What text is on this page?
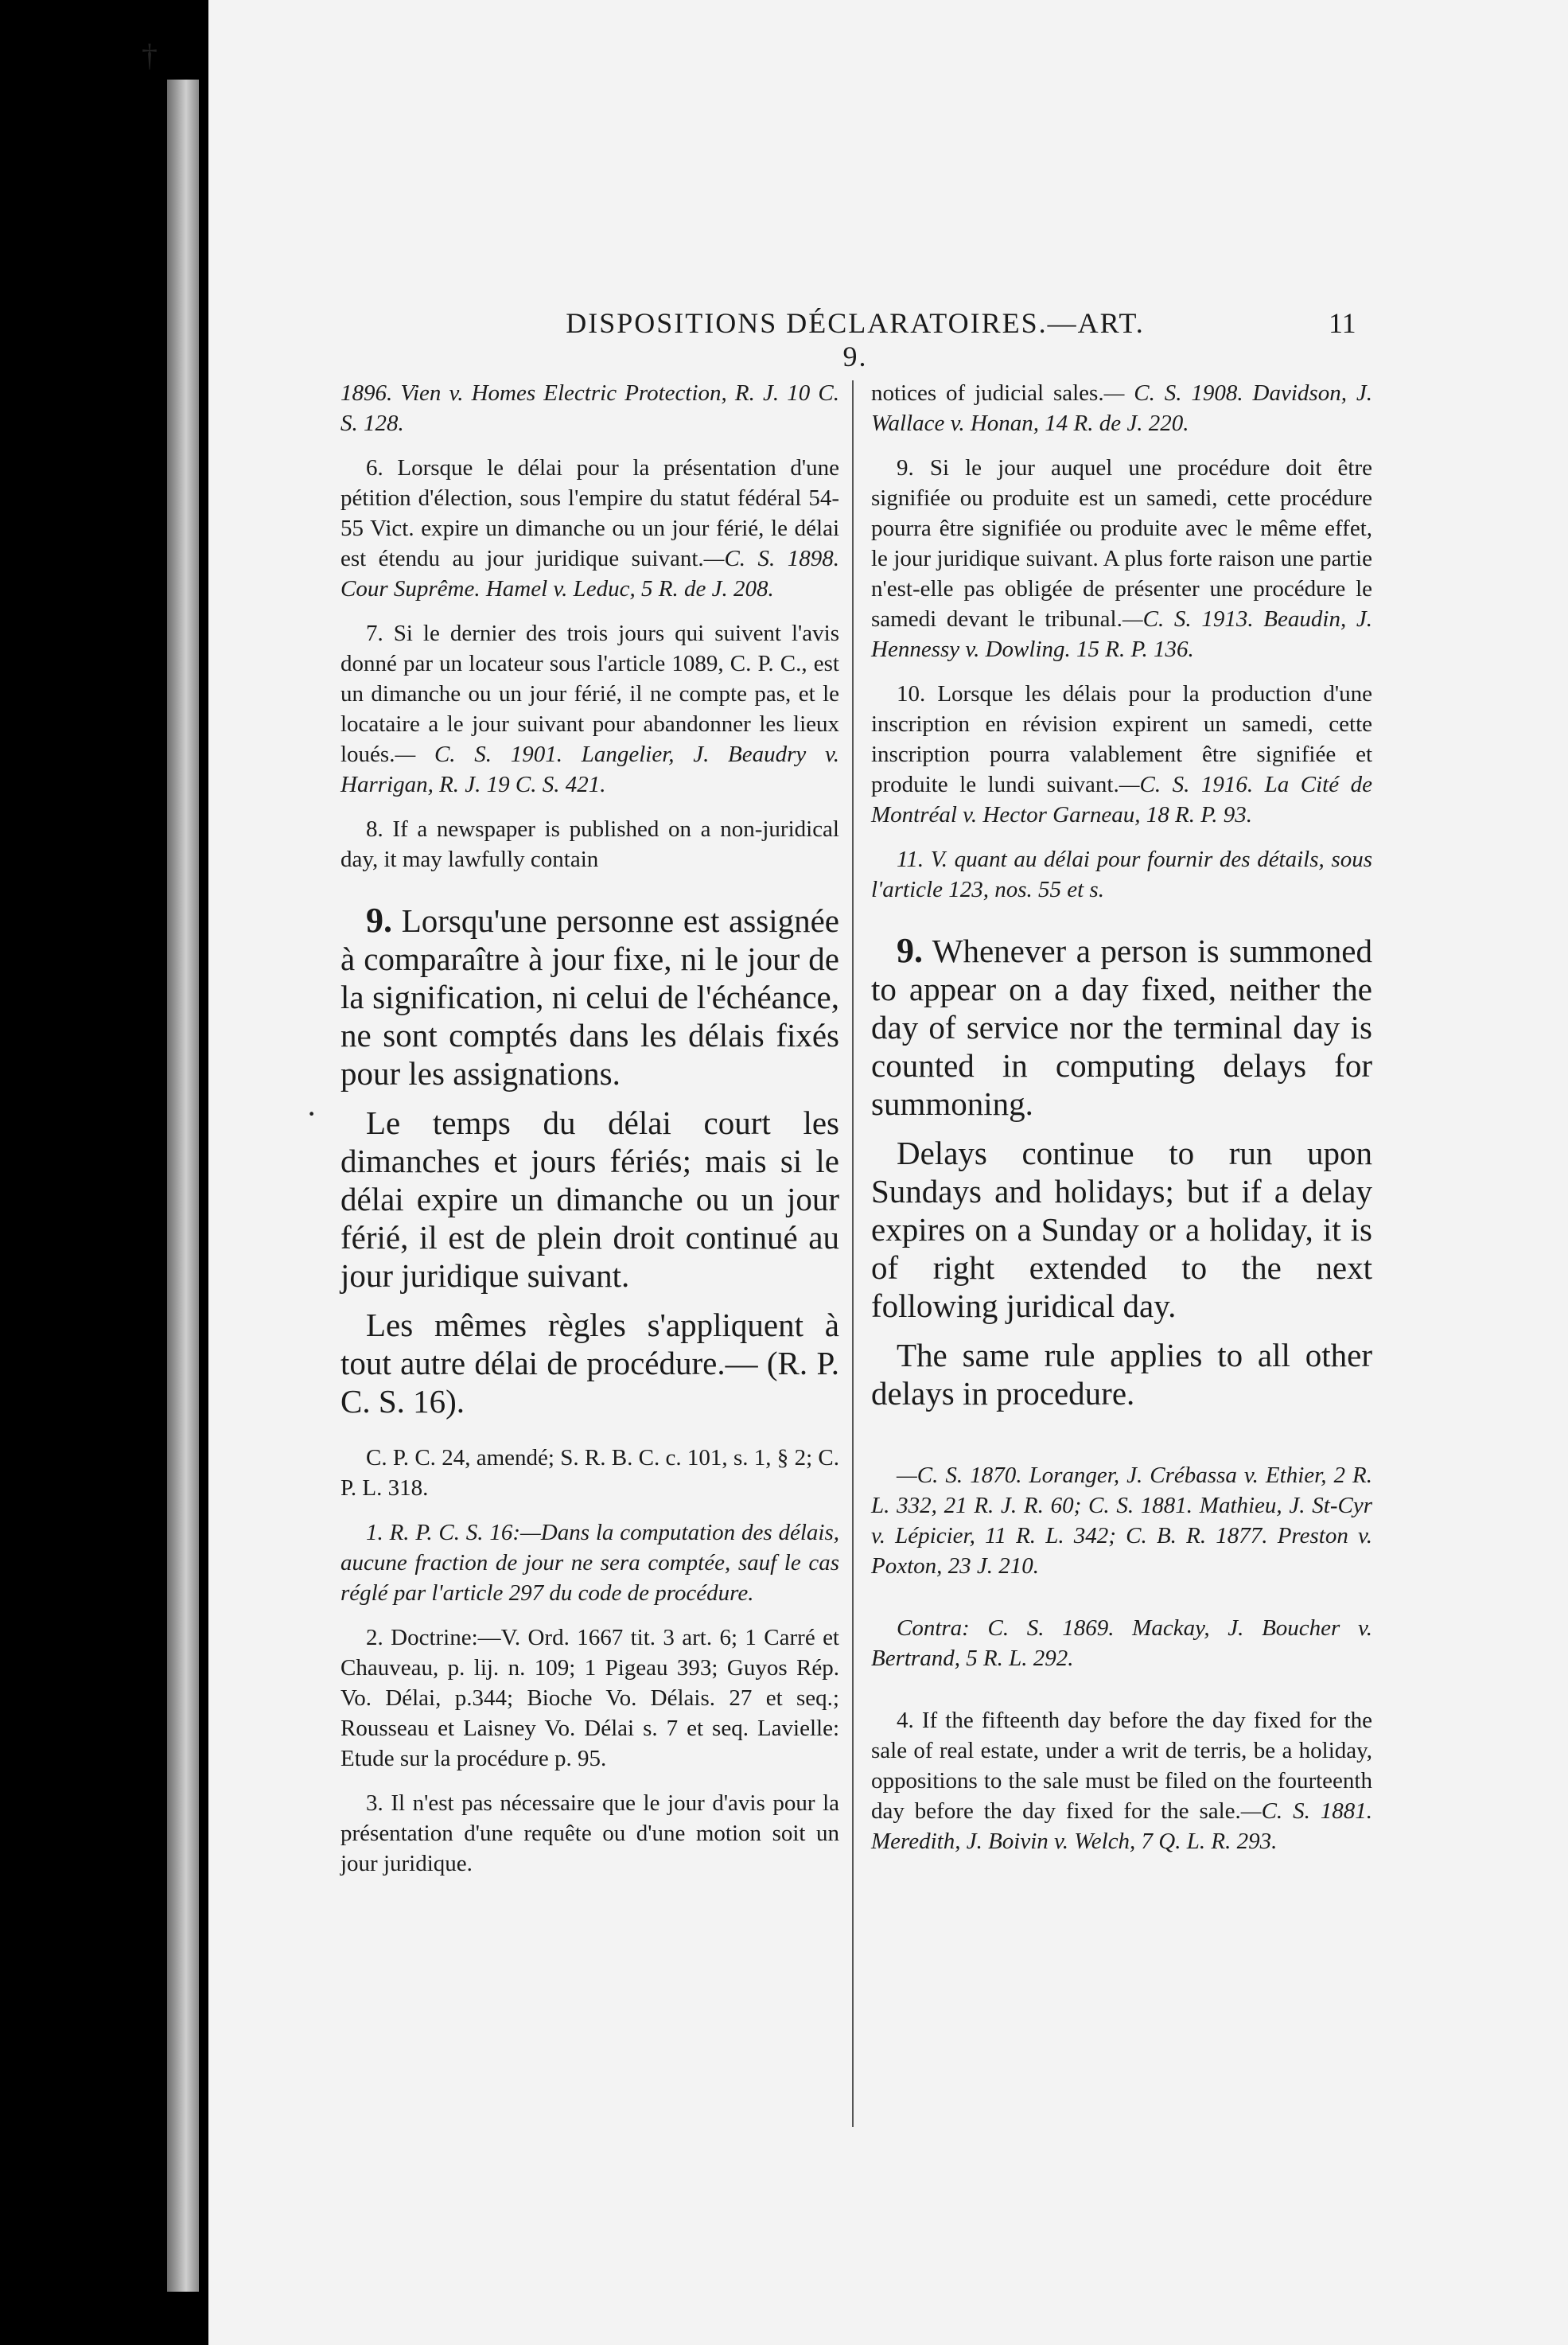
†
DISPOSITIONS DÉCLARATOIRES.—ART. 9.
11
·

1896. Vien v. Homes Electric Protection, R. J. 10 C. S. 128.

6. Lorsque le délai pour la présentation d'une pétition d'élection, sous l'empire du statut fédéral 54-55 Vict. expire un dimanche ou un jour férié, le délai est étendu au jour juridique suivant.—C. S. 1898. Cour Suprême. Hamel v. Leduc, 5 R. de J. 208.

7. Si le dernier des trois jours qui suivent l'avis donné par un locateur sous l'article 1089, C. P. C., est un dimanche ou un jour férié, il ne compte pas, et le locataire a le jour suivant pour abandonner les lieux loués.— C. S. 1901. Langelier, J. Beaudry v. Harrigan, R. J. 19 C. S. 421.

8. If a newspaper is published on a non-juridical day, it may lawfully contain

9. Lorsqu'une personne est assignée à comparaître à jour fixe, ni le jour de la signification, ni celui de l'échéance, ne sont comptés dans les délais fixés pour les assignations.

Le temps du délai court les dimanches et jours fériés; mais si le délai expire un dimanche ou un jour férié, il est de plein droit continué au jour juridique suivant.

Les mêmes règles s'appliquent à tout autre délai de procédure.— (R. P. C. S. 16).

C. P. C. 24, amendé; S. R. B. C. c. 101, s. 1, § 2; C. P. L. 318.

1. R. P. C. S. 16:—Dans la computation des délais, aucune fraction de jour ne sera comptée, sauf le cas réglé par l'article 297 du code de procédure.

2. Doctrine:—V. Ord. 1667 tit. 3 art. 6; 1 Carré et Chauveau, p. lij. n. 109; 1 Pigeau 393; Guyos Rép. Vo. Délai, p.344; Bioche Vo. Délais. 27 et seq.; Rousseau et Laisney Vo. Délai s. 7 et seq. Lavielle: Etude sur la procédure p. 95.

3. Il n'est pas nécessaire que le jour d'avis pour la présentation d'une requête ou d'une motion soit un jour juridique.

notices of judicial sales.— C. S. 1908. Davidson, J. Wallace v. Honan, 14 R. de J. 220.

9. Si le jour auquel une procédure doit être signifiée ou produite est un samedi, cette procédure pourra être signifiée ou produite avec le même effet, le jour juridique suivant. A plus forte raison une partie n'est-elle pas obligée de présenter une procédure le samedi devant le tribunal.—C. S. 1913. Beaudin, J. Hennessy v. Dowling. 15 R. P. 136.

10. Lorsque les délais pour la production d'une inscription en révision expirent un samedi, cette inscription pourra valablement être signifiée et produite le lundi suivant.—C. S. 1916. La Cité de Montréal v. Hector Garneau, 18 R. P. 93.

11. V. quant au délai pour fournir des détails, sous l'article 123, nos. 55 et s.

9. Whenever a person is summoned to appear on a day fixed, neither the day of service nor the terminal day is counted in computing delays for summoning.

Delays continue to run upon Sundays and holidays; but if a delay expires on a Sunday or a holiday, it is of right extended to the next following juridical day.

The same rule applies to all other delays in procedure.

—C. S. 1870. Loranger, J. Crébassa v. Ethier, 2 R. L. 332, 21 R. J. R. 60; C. S. 1881. Mathieu, J. St-Cyr v. Lépicier, 11 R. L. 342; C. B. R. 1877. Preston v. Poxton, 23 J. 210.

Contra: C. S. 1869. Mackay, J. Boucher v. Bertrand, 5 R. L. 292.

4. If the fifteenth day before the day fixed for the sale of real estate, under a writ de terris, be a holiday, oppositions to the sale must be filed on the fourteenth day before the day fixed for the sale.—C. S. 1881. Meredith, J. Boivin v. Welch, 7 Q. L. R. 293.
